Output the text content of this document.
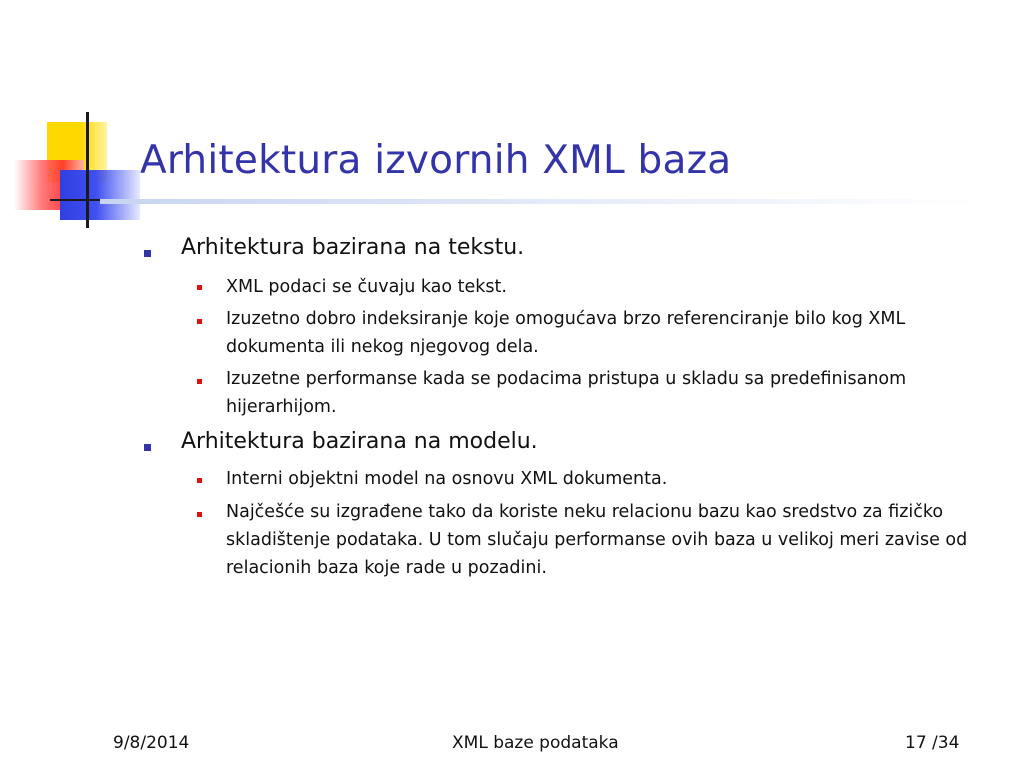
Arhitektura izvornih XML baza
Arhitektura bazirana na tekstu.
XML podaci se čuvaju kao tekst.
Izuzetno dobro indeksiranje koje omogućava brzo referenciranje bilo kog XML dokumenta ili nekog njegovog dela.
Izuzetne performanse kada se podacima pristupa u skladu sa predefinisanom hijerarhijom.
Arhitektura bazirana na modelu.
Interni objektni model na osnovu XML dokumenta.
Najčešće su izgrađene tako da koriste neku relacionu bazu kao sredstvo za fizičko skladištenje podataka. U tom slučaju performanse ovih baza u velikoj meri zavise od relacionih baza koje rade u pozadini.
9/8/2014	XML baze podataka	17 /34
